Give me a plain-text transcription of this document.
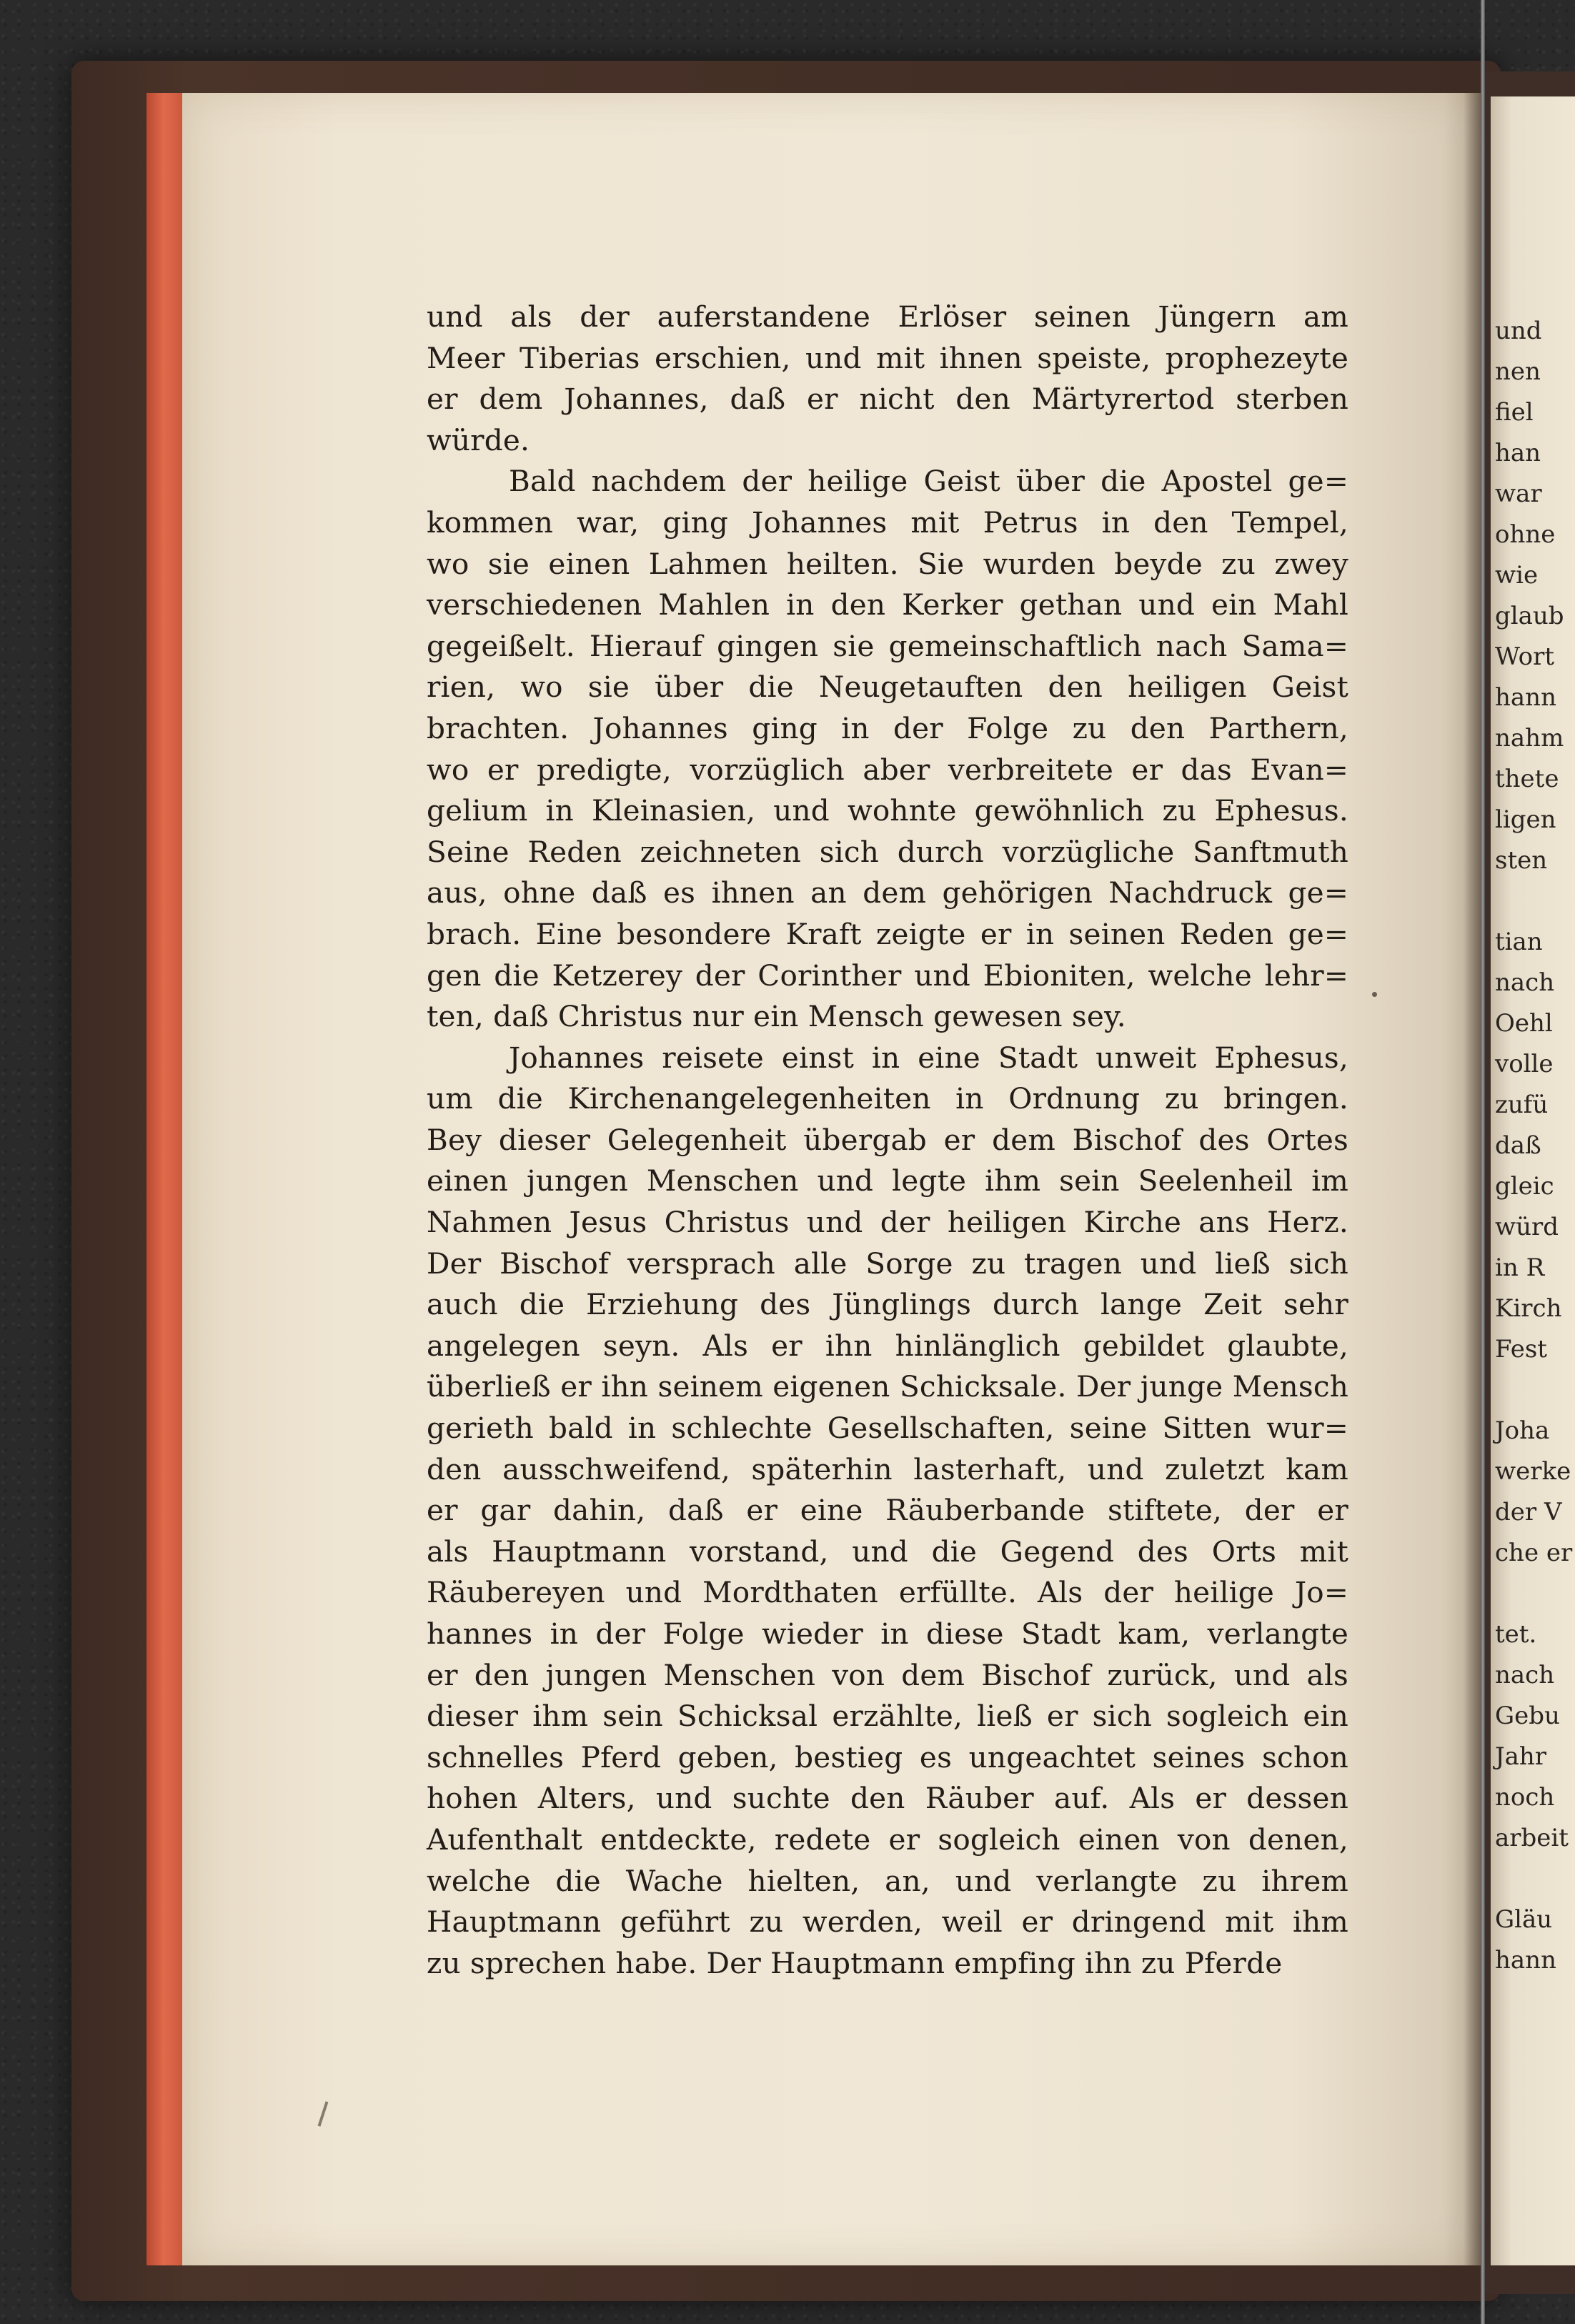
und
nen
fiel
han
war
ohne
wie
glaub
Wort
hann
nahm
thete
ligen
sten
tian
nach
Oehl
volle
zufü
daß
gleic
würd
in R
Kirch
Fest
Joha
werke
der V
che er
tet.
nach
Gebu
Jahr
noch
arbeit
Gläu
hann
und als der auferstandene Erlöser seinen Jüngern am
Meer Tiberias erschien, und mit ihnen speiste, prophezeyte
er dem Johannes, daß er nicht den Märtyrertod sterben
würde.
Bald nachdem der heilige Geist über die Apostel ge=
kommen war, ging Johannes mit Petrus in den Tempel,
wo sie einen Lahmen heilten. Sie wurden beyde zu zwey
verschiedenen Mahlen in den Kerker gethan und ein Mahl
gegeißelt. Hierauf gingen sie gemeinschaftlich nach Sama=
rien, wo sie über die Neugetauften den heiligen Geist
brachten. Johannes ging in der Folge zu den Parthern,
wo er predigte, vorzüglich aber verbreitete er das Evan=
gelium in Kleinasien, und wohnte gewöhnlich zu Ephesus.
Seine Reden zeichneten sich durch vorzügliche Sanftmuth
aus, ohne daß es ihnen an dem gehörigen Nachdruck ge=
brach. Eine besondere Kraft zeigte er in seinen Reden ge=
gen die Ketzerey der Corinther und Ebioniten, welche lehr=
ten, daß Christus nur ein Mensch gewesen sey.
Johannes reisete einst in eine Stadt unweit Ephesus,
um die Kirchenangelegenheiten in Ordnung zu bringen.
Bey dieser Gelegenheit übergab er dem Bischof des Ortes
einen jungen Menschen und legte ihm sein Seelenheil im
Nahmen Jesus Christus und der heiligen Kirche ans Herz.
Der Bischof versprach alle Sorge zu tragen und ließ sich
auch die Erziehung des Jünglings durch lange Zeit sehr
angelegen seyn. Als er ihn hinlänglich gebildet glaubte,
überließ er ihn seinem eigenen Schicksale. Der junge Mensch
gerieth bald in schlechte Gesellschaften, seine Sitten wur=
den ausschweifend, späterhin lasterhaft, und zuletzt kam
er gar dahin, daß er eine Räuberbande stiftete, der er
als Hauptmann vorstand, und die Gegend des Orts mit
Räubereyen und Mordthaten erfüllte. Als der heilige Jo=
hannes in der Folge wieder in diese Stadt kam, verlangte
er den jungen Menschen von dem Bischof zurück, und als
dieser ihm sein Schicksal erzählte, ließ er sich sogleich ein
schnelles Pferd geben, bestieg es ungeachtet seines schon
hohen Alters, und suchte den Räuber auf. Als er dessen
Aufenthalt entdeckte, redete er sogleich einen von denen,
welche die Wache hielten, an, und verlangte zu ihrem
Hauptmann geführt zu werden, weil er dringend mit ihm
zu sprechen habe. Der Hauptmann empfing ihn zu Pferde
